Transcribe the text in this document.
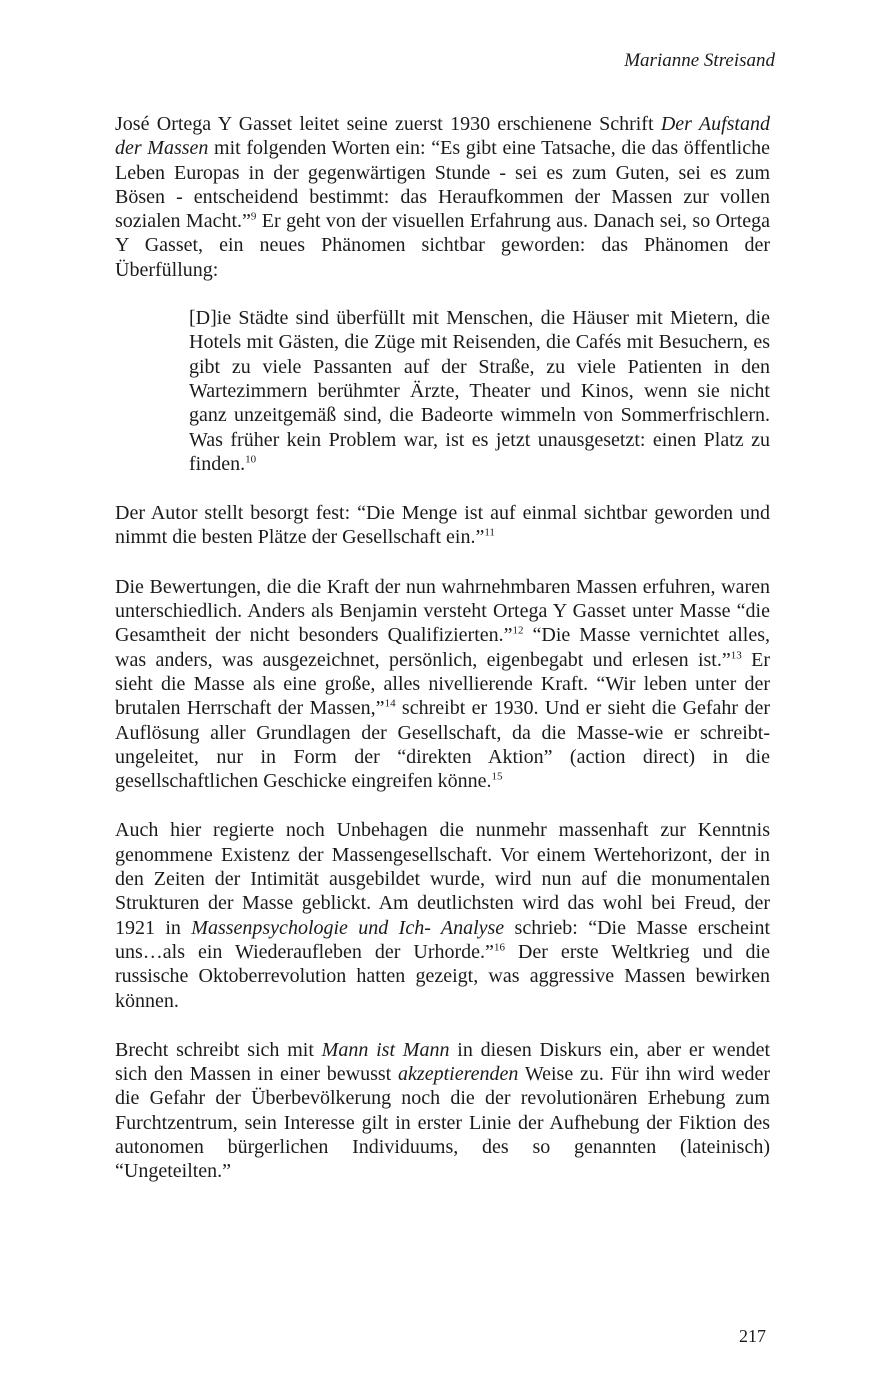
Marianne Streisand

José Ortega Y Gasset leitet seine zuerst 1930 erschienene Schrift Der Aufstand der Massen mit folgenden Worten ein: “Es gibt eine Tatsache, die das öffentliche Leben Europas in der gegenwärtigen Stunde - sei es zum Guten, sei es zum Bösen - entscheidend bestimmt: das Heraufkommen der Massen zur vollen sozialen Macht.”$^9$ Er geht von der visuellen Erfahrung aus. Danach sei, so Ortega Y Gasset, ein neues Phänomen sichtbar geworden: das Phänomen der Überfüllung:

[D]ie Städte sind überfüllt mit Menschen, die Häuser mit Mietern, die Hotels mit Gästen, die Züge mit Reisenden, die Cafés mit Besuchern, es gibt zu viele Passanten auf der Straße, zu viele Patienten in den Wartezimmern berühmter Ärzte, Theater und Kinos, wenn sie nicht ganz unzeitgemäß sind, die Badeorte wimmeln von Sommerfrischlern. Was früher kein Problem war, ist es jetzt unausgesetzt: einen Platz zu finden.$^{10}$

Der Autor stellt besorgt fest: “Die Menge ist auf einmal sichtbar geworden und nimmt die besten Plätze der Gesellschaft ein.”$^{11}$

Die Bewertungen, die die Kraft der nun wahrnehmbaren Massen erfuhren, waren unterschiedlich. Anders als Benjamin versteht Ortega Y Gasset unter Masse “die Gesamtheit der nicht besonders Qualifizierten.”$^{12}$ “Die Masse vernichtet alles, was anders, was ausgezeichnet, persönlich, eigenbegabt und erlesen ist.”$^{13}$ Er sieht die Masse als eine große, alles nivellierende Kraft. “Wir leben unter der brutalen Herrschaft der Massen,”$^{14}$ schreibt er 1930. Und er sieht die Gefahr der Auflösung aller Grundlagen der Gesellschaft, da die Masse-wie er schreibt-ungeleitet, nur in Form der “direkten Aktion” (action direct) in die gesellschaftlichen Geschicke eingreifen könne.$^{15}$

Auch hier regierte noch Unbehagen die nunmehr massenhaft zur Kenntnis genommene Existenz der Massengesellschaft. Vor einem Wertehorizont, der in den Zeiten der Intimität ausgebildet wurde, wird nun auf die monumentalen Strukturen der Masse geblickt. Am deutlichsten wird das wohl bei Freud, der 1921 in Massenpsychologie und Ich- Analyse schrieb: “Die Masse erscheint uns…als ein Wiederaufleben der Urhorde.”$^{16}$ Der erste Weltkrieg und die russische Oktoberrevolution hatten gezeigt, was aggressive Massen bewirken können.

Brecht schreibt sich mit Mann ist Mann in diesen Diskurs ein, aber er wendet sich den Massen in einer bewusst akzeptierenden Weise zu. Für ihn wird weder die Gefahr der Überbevölkerung noch die der revolutionären Erhebung zum Furchtzentrum, sein Interesse gilt in erster Linie der Aufhebung der Fiktion des autonomen bürgerlichen Individuums, des so genannten (lateinisch) “Ungeteilten.”

217
